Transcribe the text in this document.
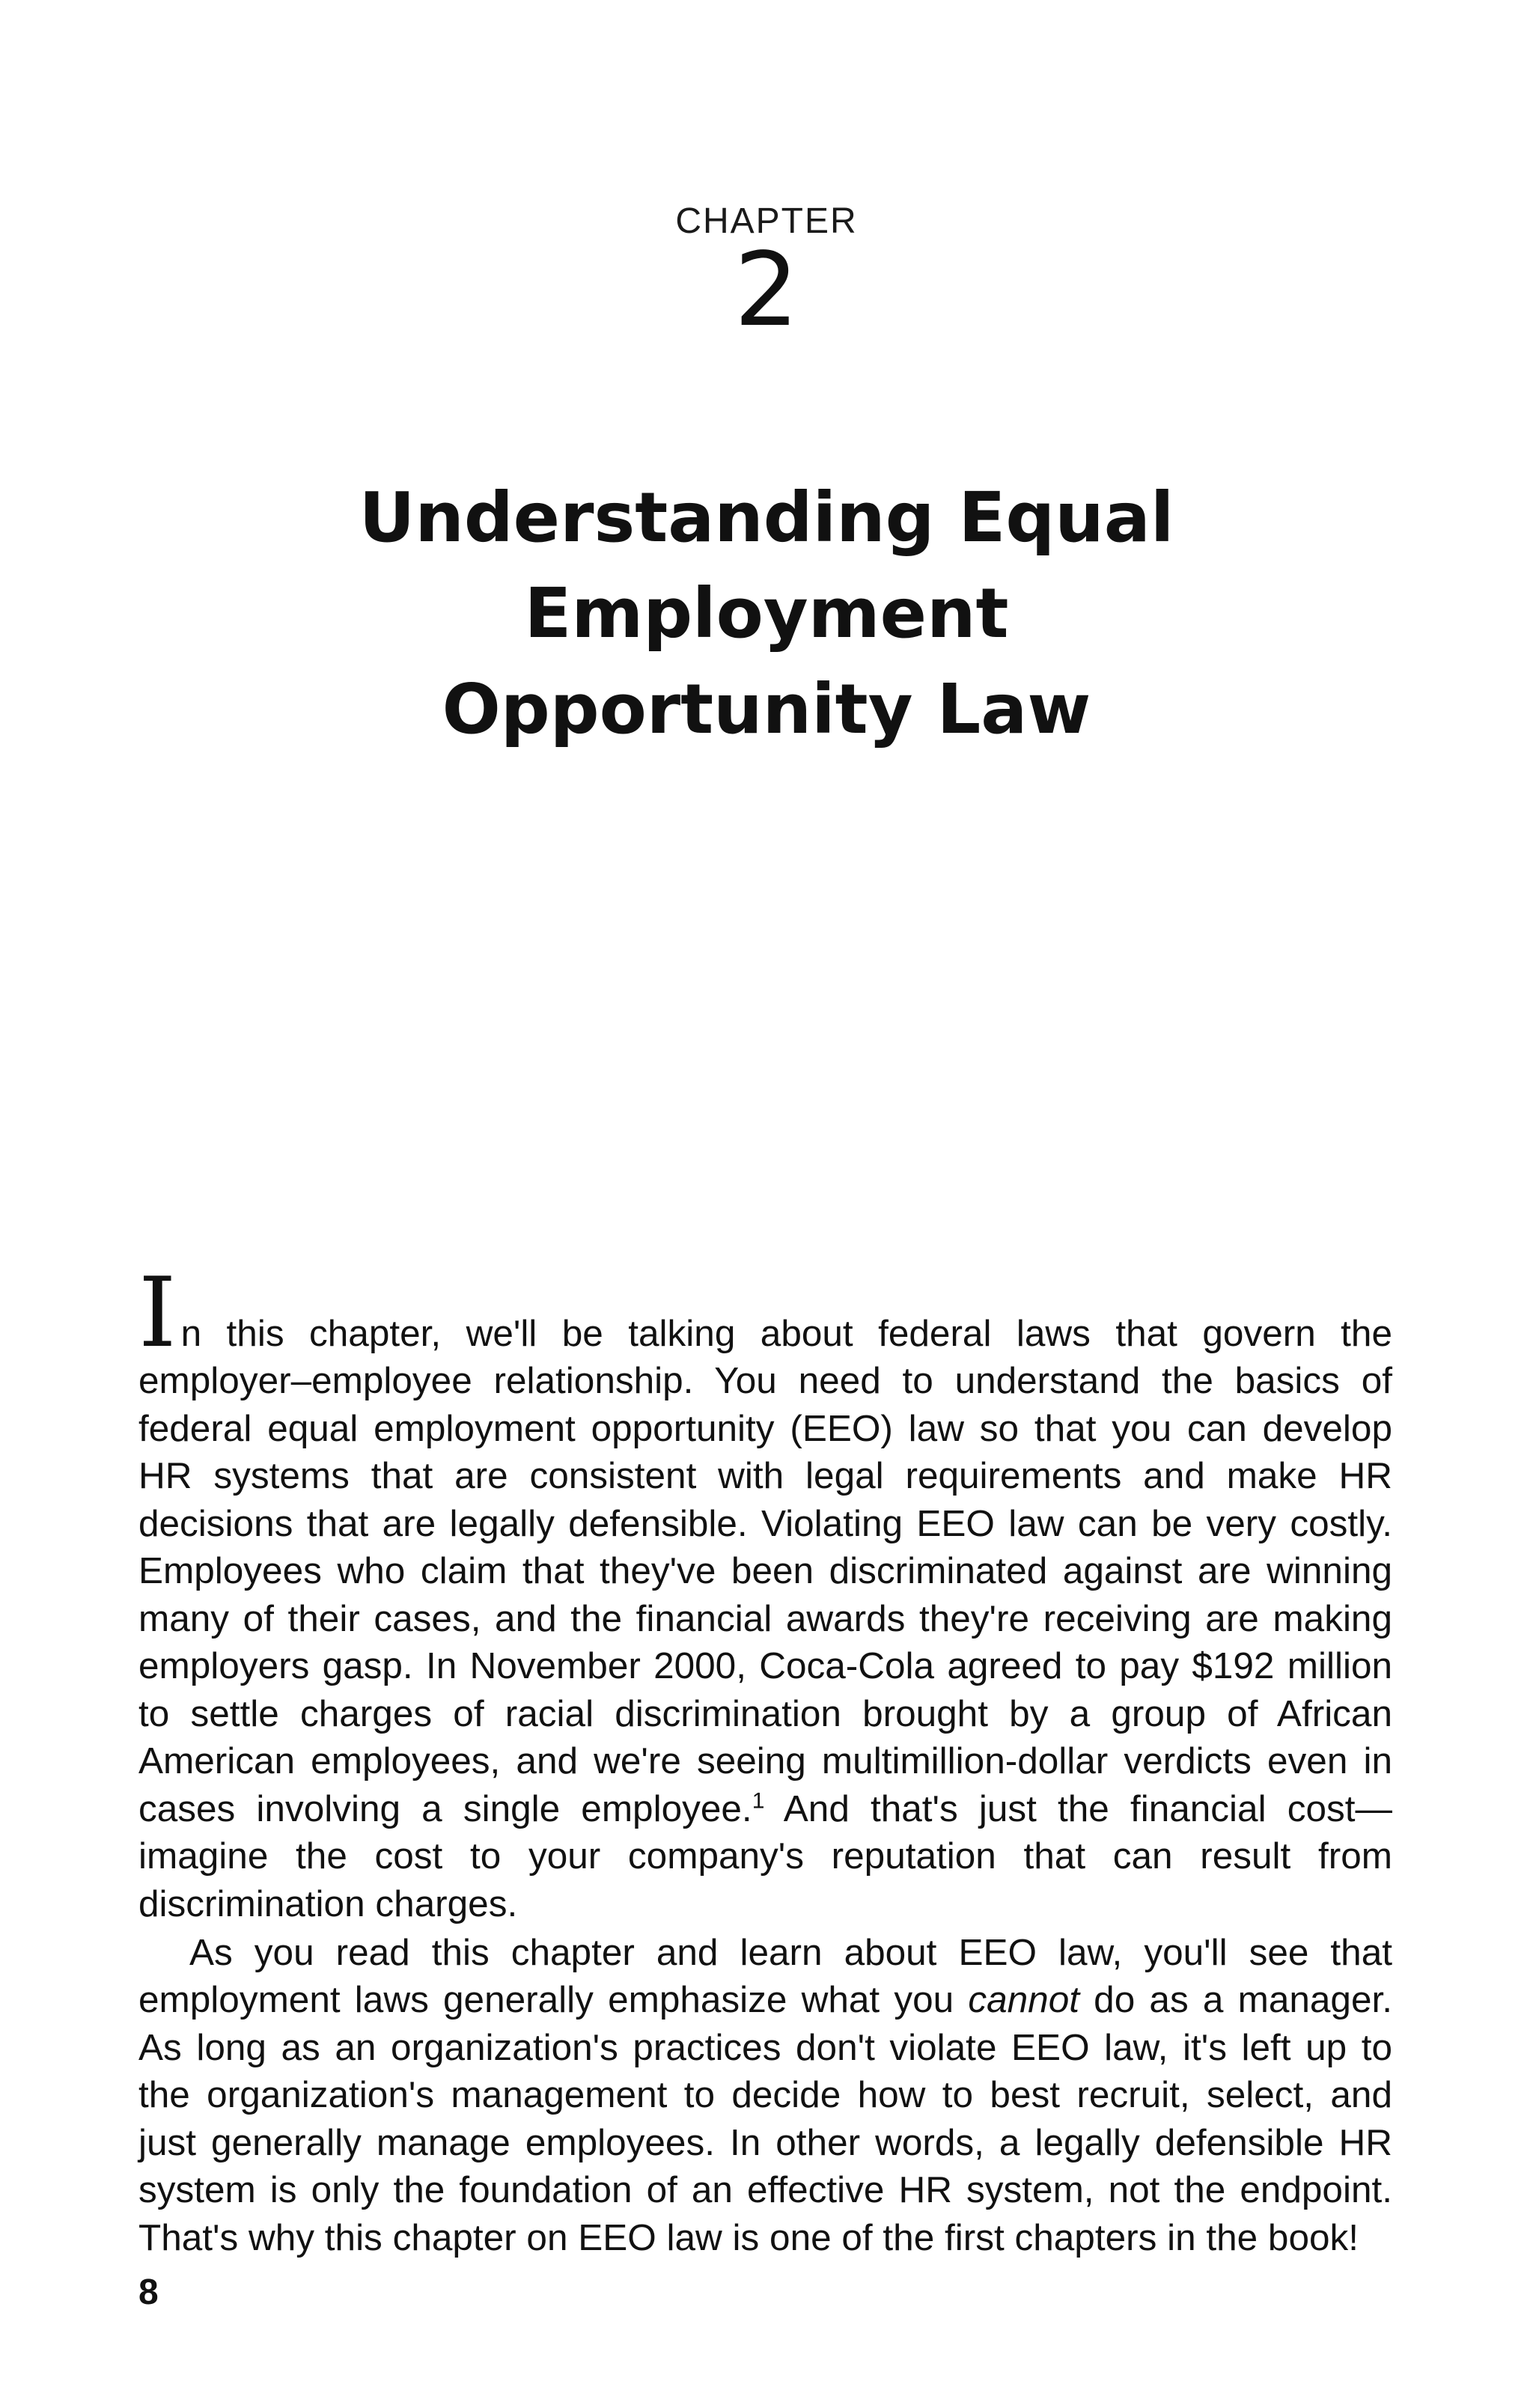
CHAPTER
2
Understanding Equal Employment
Opportunity Law

In this chapter, we'll be talking about federal laws that govern the employer–employee relationship. You need to understand the basics of federal equal employment opportunity (EEO) law so that you can develop HR systems that are consistent with legal requirements and make HR decisions that are legally defensible. Violating EEO law can be very costly. Employees who claim that they've been discriminated against are winning many of their cases, and the financial awards they're receiving are making employers gasp. In November 2000, Coca-Cola agreed to pay $192 million to settle charges of racial discrimination brought by a group of African American employees, and we're seeing multimillion-dollar verdicts even in cases involving a single employee.$^1$ And that's just the financial cost—imagine the cost to your company's reputation that can result from discrimination charges.

As you read this chapter and learn about EEO law, you'll see that employment laws generally emphasize what you cannot do as a manager. As long as an organization's practices don't violate EEO law, it's left up to the organization's management to decide how to best recruit, select, and just generally manage employees. In other words, a legally defensible HR system is only the foundation of an effective HR system, not the endpoint. That's why this chapter on EEO law is one of the first chapters in the book!

8
